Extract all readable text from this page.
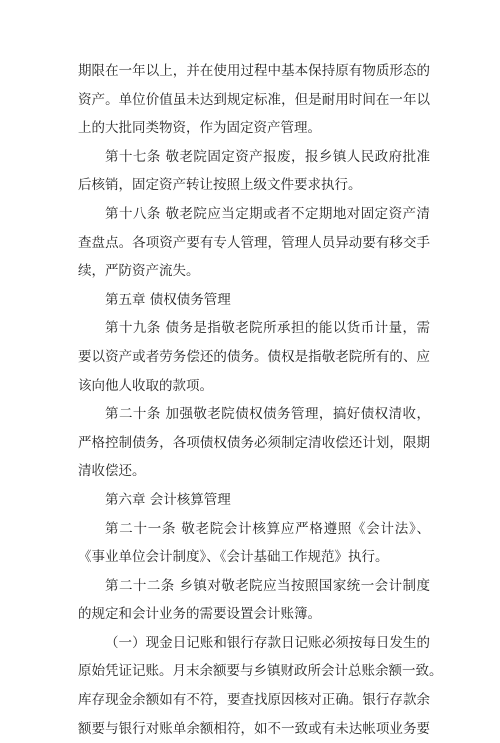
期限在一年以上，并在使用过程中基本保持原有物质形态的
资产。单位价值虽未达到规定标准，但是耐用时间在一年以
上的大批同类物资，作为固定资产管理。
第十七条 敬老院固定资产报废，报乡镇人民政府批准
后核销，固定资产转让按照上级文件要求执行。
第十八条 敬老院应当定期或者不定期地对固定资产清
查盘点。各项资产要有专人管理，管理人员异动要有移交手
续，严防资产流失。
第五章 债权债务管理
第十九条 债务是指敬老院所承担的能以货币计量，需
要以资产或者劳务偿还的债务。债权是指敬老院所有的、应
该向他人收取的款项。
第二十条 加强敬老院债权债务管理，搞好债权清收，
严格控制债务，各项债权债务必须制定清收偿还计划，限期
清收偿还。
第六章 会计核算管理
第二十一条 敬老院会计核算应严格遵照《会计法》、
《事业单位会计制度》、《会计基础工作规范》执行。
第二十二条 乡镇对敬老院应当按照国家统一会计制度
的规定和会计业务的需要设置会计账簿。
（一）现金日记账和银行存款日记账必须按每日发生的
原始凭证记账。月末余额要与乡镇财政所会计总账余额一致。
库存现金余额如有不符，要查找原因核对正确。银行存款余
额要与银行对账单余额相符，如不一致或有未达帐项业务要
